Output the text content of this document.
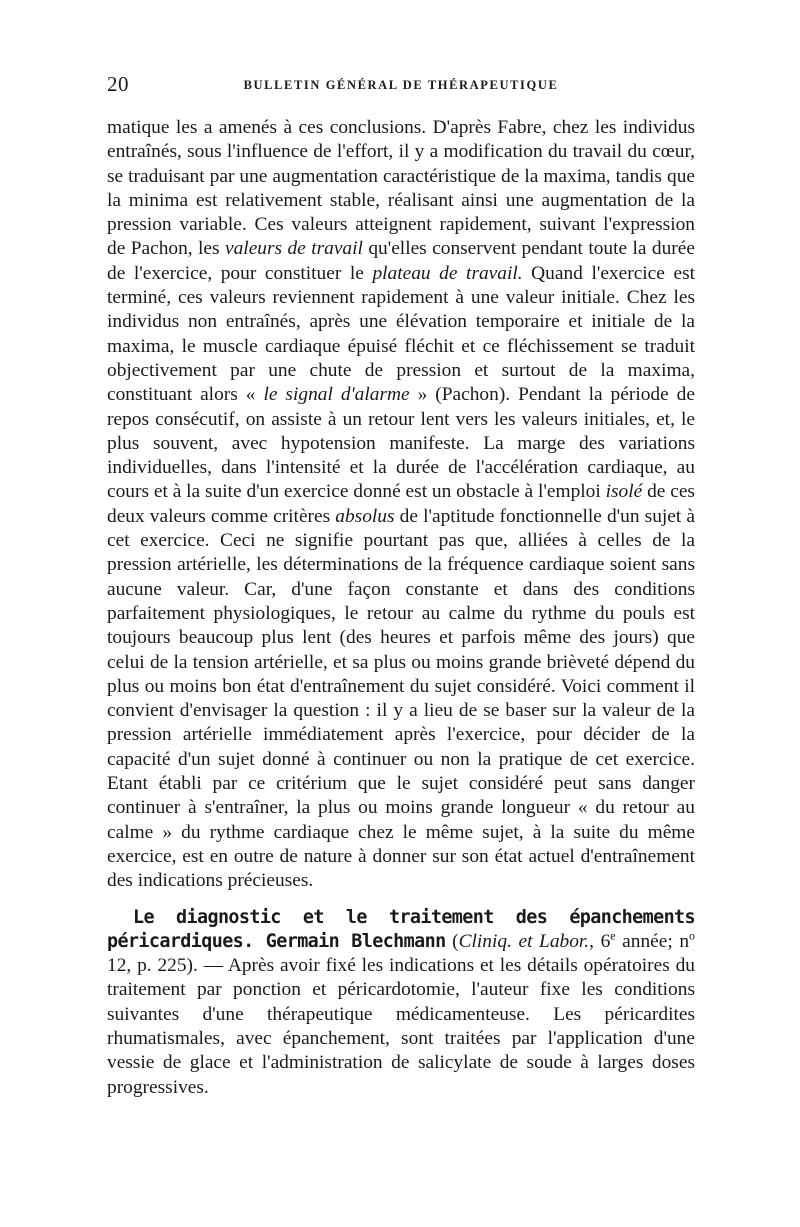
20	BULLETIN GÉNÉRAL DE THÉRAPEUTIQUE

matique les a amenés à ces conclusions. D'après Fabre, chez les individus entraînés, sous l'influence de l'effort, il y a modification du travail du cœur, se traduisant par une augmentation caractéristique de la maxima, tandis que la minima est relativement stable, réalisant ainsi une augmentation de la pression variable. Ces valeurs atteignent rapidement, suivant l'expression de Pachon, les valeurs de travail qu'elles conservent pendant toute la durée de l'exercice, pour constituer le plateau de travail. Quand l'exercice est terminé, ces valeurs reviennent rapidement à une valeur initiale. Chez les individus non entraînés, après une élévation temporaire et initiale de la maxima, le muscle cardiaque épuisé fléchit et ce fléchissement se traduit objectivement par une chute de pression et surtout de la maxima, constituant alors « le signal d'alarme » (Pachon). Pendant la période de repos consécutif, on assiste à un retour lent vers les valeurs initiales, et, le plus souvent, avec hypotension manifeste. La marge des variations individuelles, dans l'intensité et la durée de l'accélération cardiaque, au cours et à la suite d'un exercice donné est un obstacle à l'emploi isolé de ces deux valeurs comme critères absolus de l'aptitude fonctionnelle d'un sujet à cet exercice. Ceci ne signifie pourtant pas que, alliées à celles de la pression artérielle, les déterminations de la fréquence cardiaque soient sans aucune valeur. Car, d'une façon constante et dans des conditions parfaitement physiologiques, le retour au calme du rythme du pouls est toujours beaucoup plus lent (des heures et parfois même des jours) que celui de la tension artérielle, et sa plus ou moins grande brièveté dépend du plus ou moins bon état d'entraînement du sujet considéré. Voici comment il convient d'envisager la question : il y a lieu de se baser sur la valeur de la pression artérielle immédiatement après l'exercice, pour décider de la capacité d'un sujet donné à continuer ou non la pratique de cet exercice. Etant établi par ce critérium que le sujet considéré peut sans danger continuer à s'entraîner, la plus ou moins grande longueur « du retour au calme » du rythme cardiaque chez le même sujet, à la suite du même exercice, est en outre de nature à donner sur son état actuel d'entraînement des indications précieuses.

Le diagnostic et le traitement des épanchements péricardiques. Germain Blechmann (Cliniq. et Labor., 6e année; $n^o$ 12, p. 225). — Après avoir fixé les indications et les détails opératoires du traitement par ponction et péricardotomie, l'auteur fixe les conditions suivantes d'une thérapeutique médicamenteuse. Les péricardites rhumatismales, avec épanchement, sont traitées par l'application d'une vessie de glace et l'administration de salicylate de soude à larges doses progressives.
